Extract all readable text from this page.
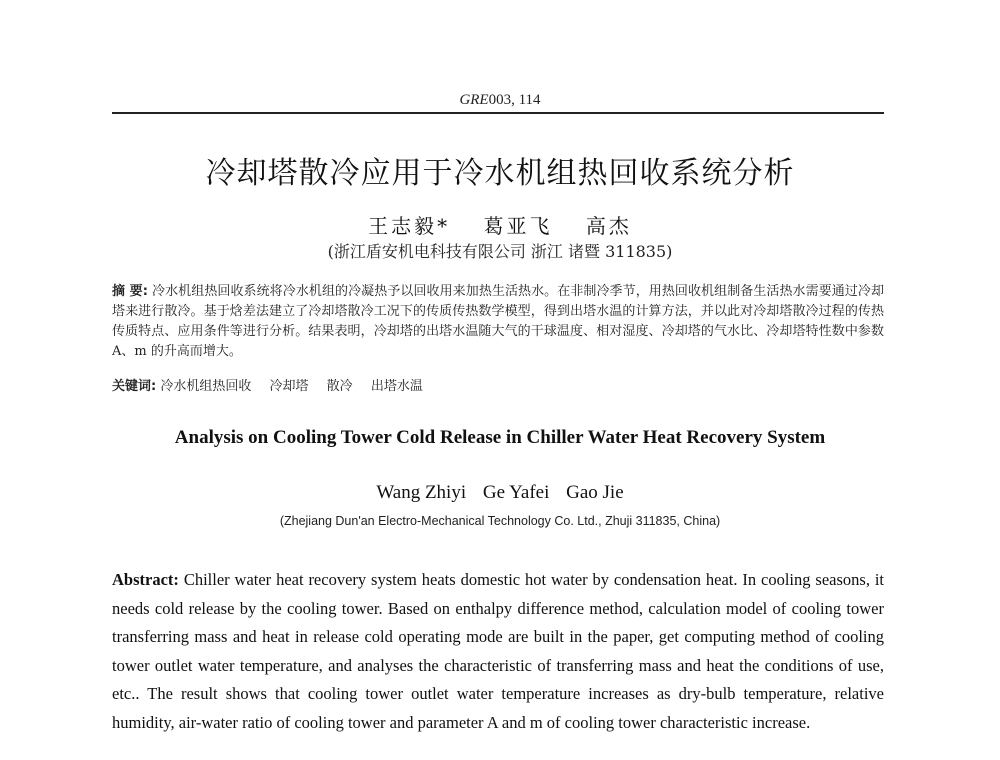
GRE003, 114
冷却塔散冷应用于冷水机组热回收系统分析
王志毅* 葛亚飞 高杰
(浙江盾安机电科技有限公司 浙江 诸暨 311835)
摘 要: 冷水机组热回收系统将冷水机组的冷凝热予以回收用来加热生活热水。在非制冷季节，用热回收机组制备生活热水需要通过冷却塔来进行散冷。基于焓差法建立了冷却塔散冷工况下的传质传热数学模型，得到出塔水温的计算方法，并以此对冷却塔散冷过程的传热传质特点、应用条件等进行分析。结果表明，冷却塔的出塔水温随大气的干球温度、相对湿度、冷却塔的气水比、冷却塔特性数中参数 A、m 的升高而增大。
关键词: 冷水机组热回收 冷却塔 散冷 出塔水温
Analysis on Cooling Tower Cold Release in Chiller Water Heat Recovery System
Wang Zhiyi Ge Yafei Gao Jie
(Zhejiang Dun'an Electro-Mechanical Technology Co. Ltd., Zhuji 311835, China)
Abstract: Chiller water heat recovery system heats domestic hot water by condensation heat. In cooling seasons, it needs cold release by the cooling tower. Based on enthalpy difference method, calculation model of cooling tower transferring mass and heat in release cold operating mode are built in the paper, get computing method of cooling tower outlet water temperature, and analyses the characteristic of transferring mass and heat the conditions of use, etc.. The result shows that cooling tower outlet water temperature increases as dry-bulb temperature, relative humidity, air-water ratio of cooling tower and parameter A and m of cooling tower characteristic increase.
